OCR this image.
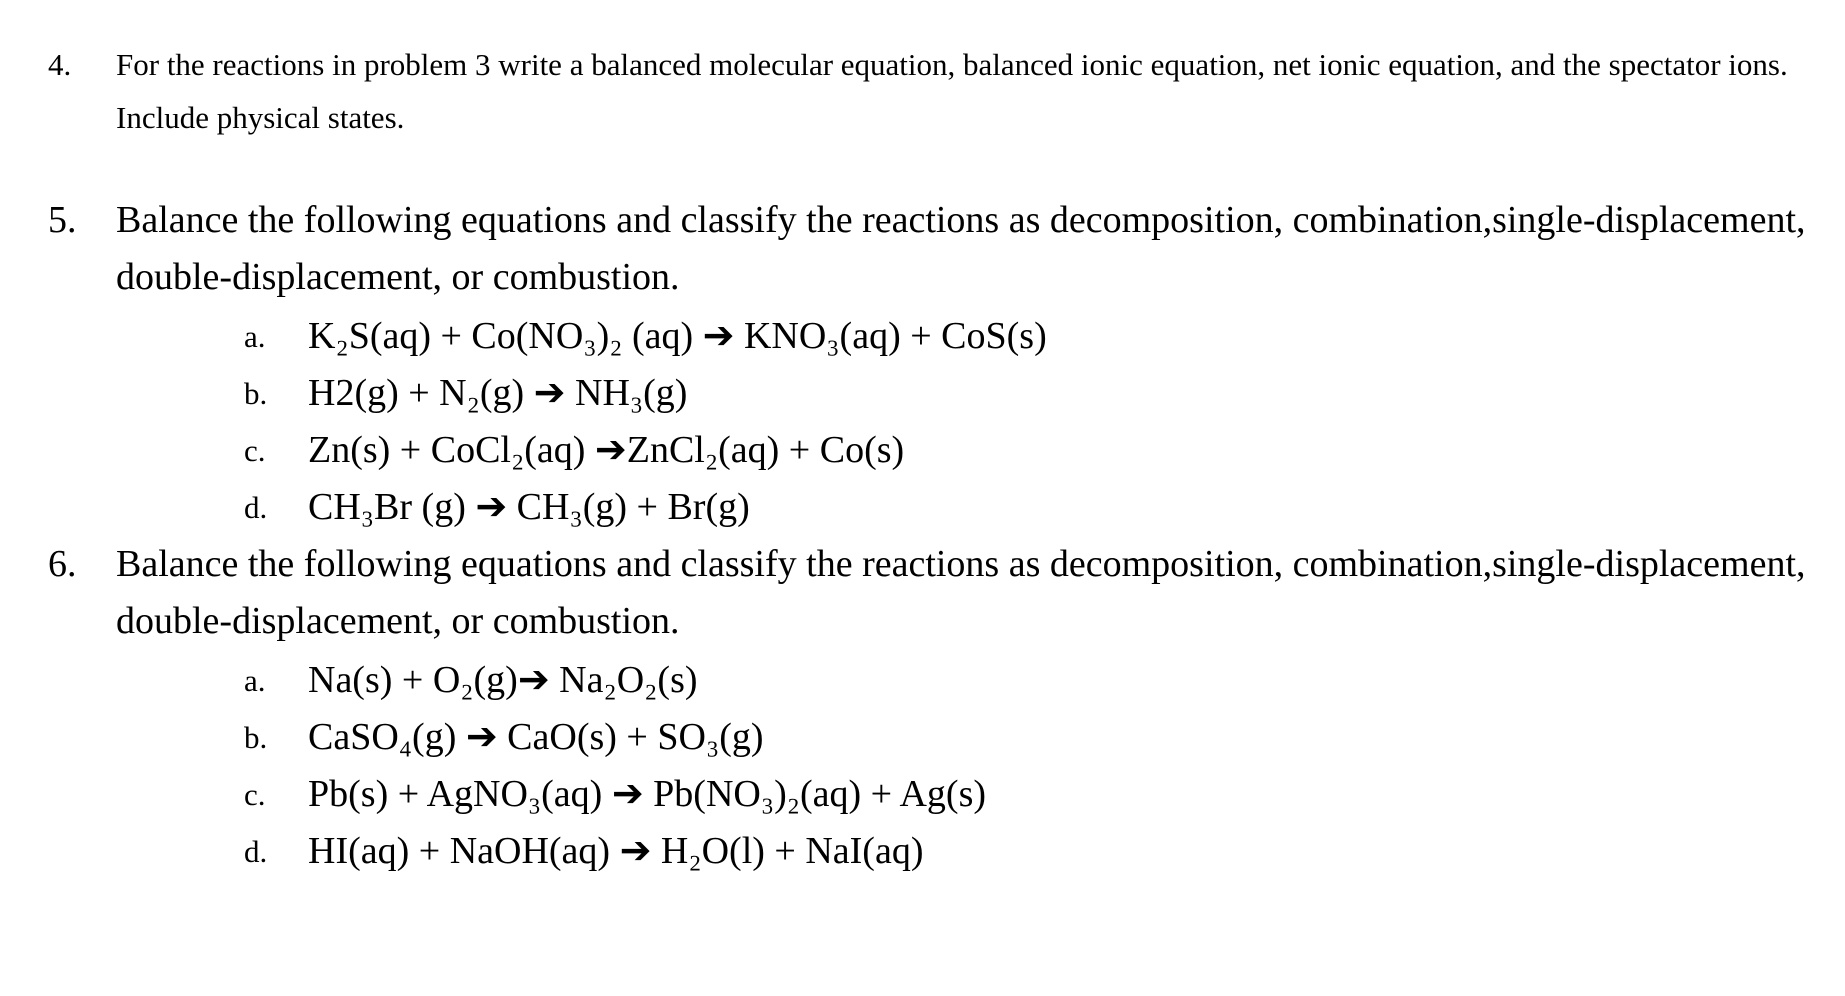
4. For the reactions in problem 3 write a balanced molecular equation, balanced ionic equation, net ionic equation, and the spectator ions. Include physical states.
5. Balance the following equations and classify the reactions as decomposition, combination,single-displacement, double-displacement, or combustion.
a. K₂S(aq) + Co(NO₃)₂ (aq) ➔ KNO₃(aq) + CoS(s)
b. H2(g) + N₂(g) ➔ NH₃(g)
c. Zn(s) + CoCl₂(aq) ➔ZnCl₂(aq) + Co(s)
d. CH₃Br (g) ➔ CH₃(g) + Br(g)
6. Balance the following equations and classify the reactions as decomposition, combination,single-displacement, double-displacement, or combustion.
a. Na(s) + O₂(g)➔ Na₂O₂(s)
b. CaSO₄(g) ➔ CaO(s) + SO₃(g)
c. Pb(s) + AgNO₃(aq) ➔ Pb(NO₃)₂(aq) + Ag(s)
d. HI(aq) + NaOH(aq) ➔ H₂O(l) + NaI(aq)
